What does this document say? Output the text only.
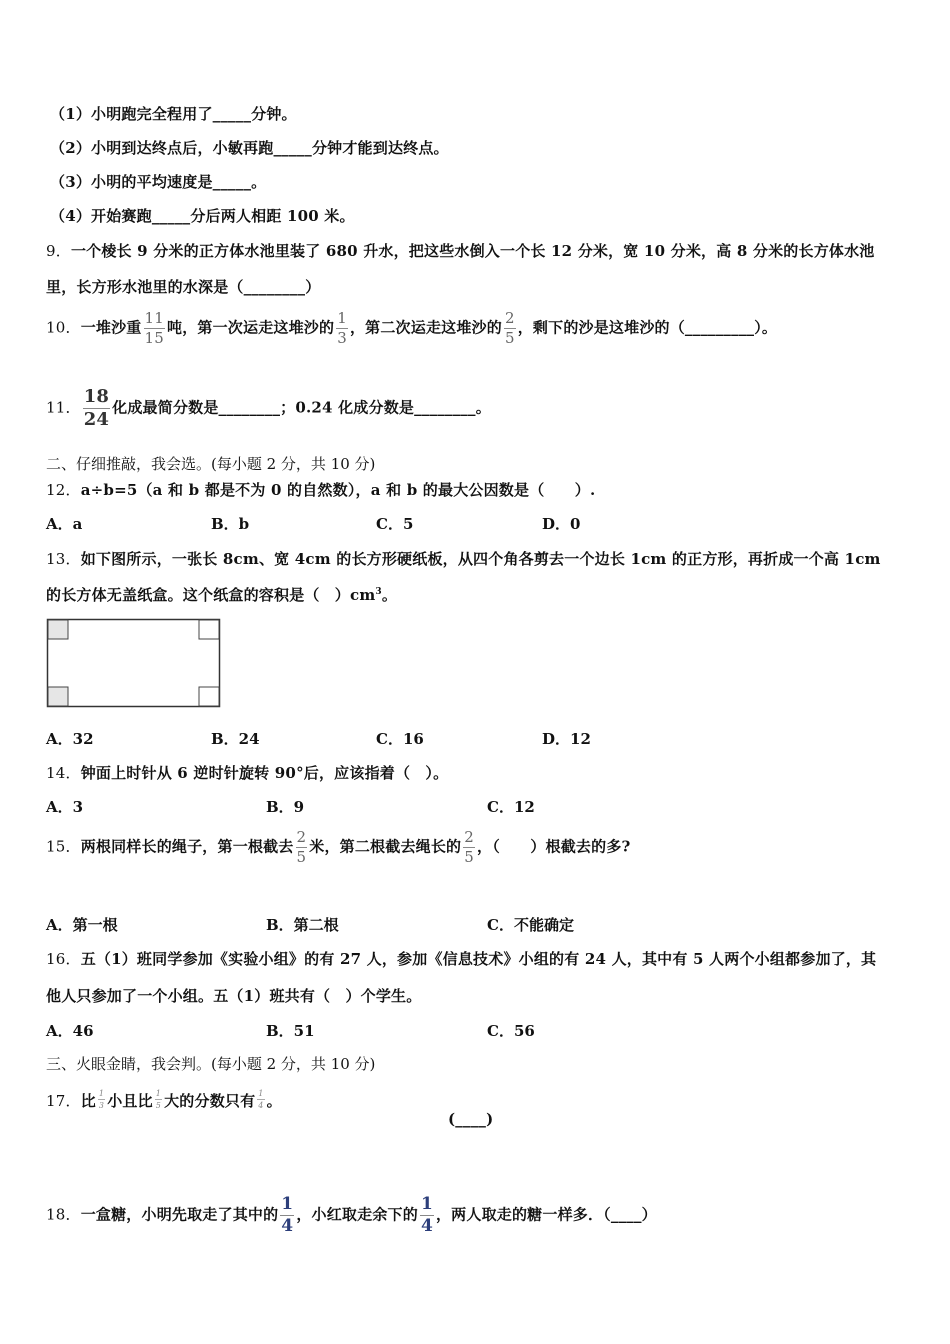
（1）小明跑完全程用了_____分钟。
（2）小明到达终点后，小敏再跑_____分钟才能到达终点。
（3）小明的平均速度是_____。
（4）开始赛跑_____分后两人相距 100 米。
9．一个棱长 9 分米的正方体水池里装了 680 升水，把这些水倒入一个长 12 分米，宽 10 分米，高 8 分米的长方体水池
里，长方形水池里的水深是（________）
10．一堆沙重 $\frac{11}{15}$ 吨，第一次运走这堆沙的 $\frac{1}{3}$ ，第二次运走这堆沙的 $\frac{2}{5}$ ，剩下的沙是这堆沙的（_________）。
11． $\frac{18}{24}$ 化成最简分数是________；0.24 化成分数是________。
二、仔细推敲，我会选。(每小题 2 分，共 10 分)
12．a÷b=5（a 和 b 都是不为 0 的自然数），a 和 b 的最大公因数是（　　）.
A．a	B．b	C．5	D．0
13．如下图所示，一张长 8cm、宽 4cm 的长方形硬纸板，从四个角各剪去一个边长 1cm 的正方形，再折成一个高 1cm
的长方体无盖纸盒。这个纸盒的容积是（　）$cm^3$。
A．32	B．24	C．16	D．12
14．钟面上时针从 6 逆时针旋转 90°后，应该指着（　）。
A．3	B．9	C．12
15．两根同样长的绳子，第一根截去 $\frac{2}{5}$ 米，第二根截去绳长的 $\frac{2}{5}$ ，（　　）根截去的多?
A．第一根	B．第二根	C．不能确定
16．五（1）班同学参加《实验小组》的有 27 人，参加《信息技术》小组的有 24 人，其中有 5 人两个小组都参加了，其
他人只参加了一个小组。五（1）班共有（　）个学生。
A．46	B．51	C．56
三、火眼金睛，我会判。(每小题 2 分，共 10 分)
17．比 $\frac{1}{3}$ 小且比 $\frac{1}{5}$ 大的分数只有 $\frac{1}{4}$ 。
(____)
18．一盒糖，小明先取走了其中的 $\frac{1}{4}$ ，小红取走余下的 $\frac{1}{4}$ ，两人取走的糖一样多．（____）
